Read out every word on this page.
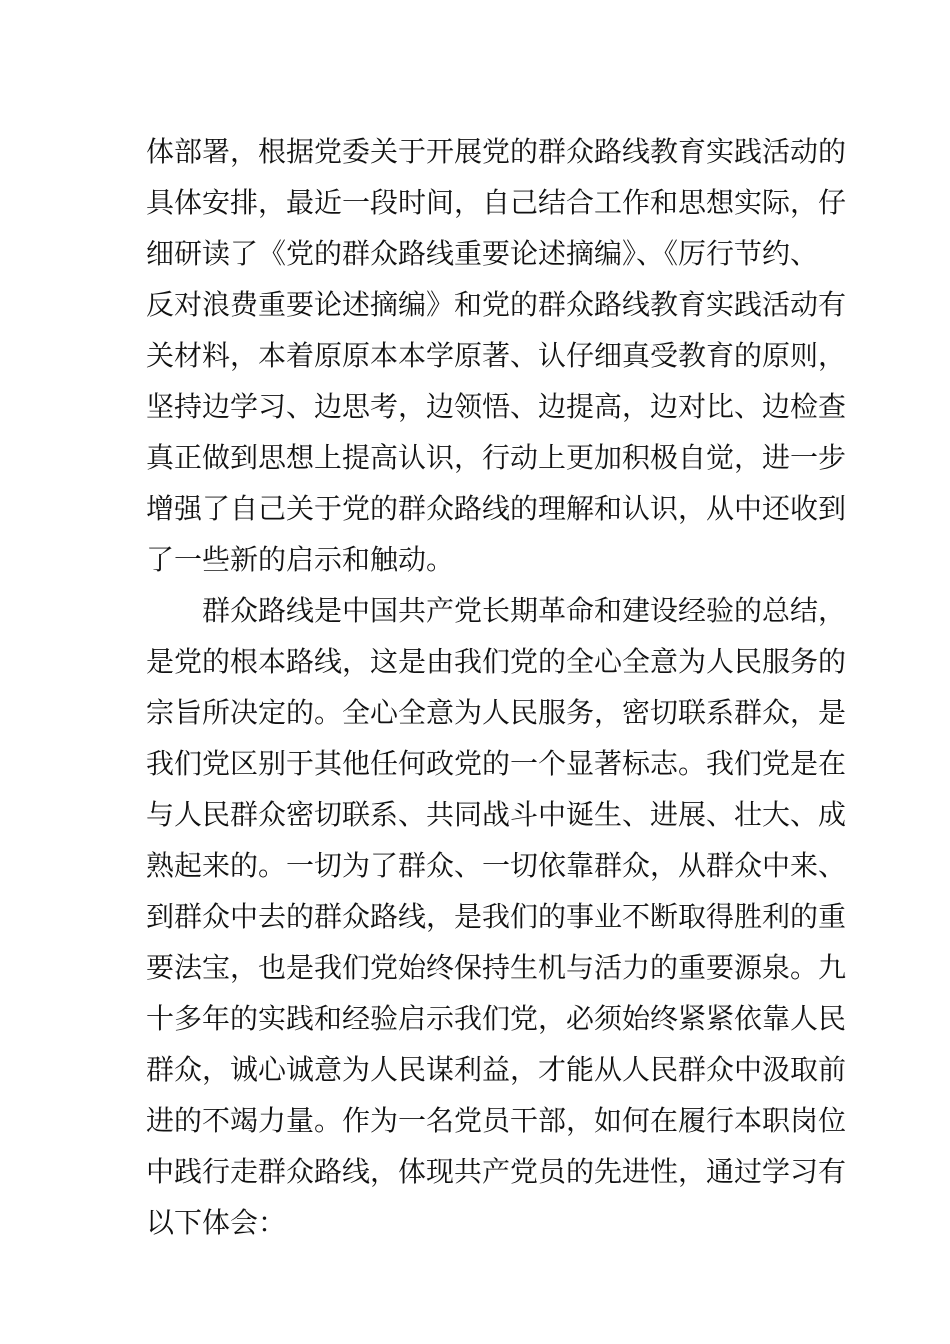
体部署，根据党委关于开展党的群众路线教育实践活动的
具体安排，最近一段时间，自己结合工作和思想实际，仔
细研读了《党的群众路线重要论述摘编》、《厉行节约、
反对浪费重要论述摘编》和党的群众路线教育实践活动有
关材料，本着原原本本学原著、认仔细真受教育的原则，
坚持边学习、边思考，边领悟、边提高，边对比、边检查
真正做到思想上提高认识，行动上更加积极自觉，进一步
增强了自己关于党的群众路线的理解和认识，从中还收到
了一些新的启示和触动。
群众路线是中国共产党长期革命和建设经验的总结，
是党的根本路线，这是由我们党的全心全意为人民服务的
宗旨所决定的。全心全意为人民服务，密切联系群众，是
我们党区别于其他任何政党的一个显著标志。我们党是在
与人民群众密切联系、共同战斗中诞生、进展、壮大、成
熟起来的。一切为了群众、一切依靠群众，从群众中来、
到群众中去的群众路线，是我们的事业不断取得胜利的重
要法宝，也是我们党始终保持生机与活力的重要源泉。九
十多年的实践和经验启示我们党，必须始终紧紧依靠人民
群众，诚心诚意为人民谋利益，才能从人民群众中汲取前
进的不竭力量。作为一名党员干部，如何在履行本职岗位
中践行走群众路线，体现共产党员的先进性，通过学习有
以下体会：
